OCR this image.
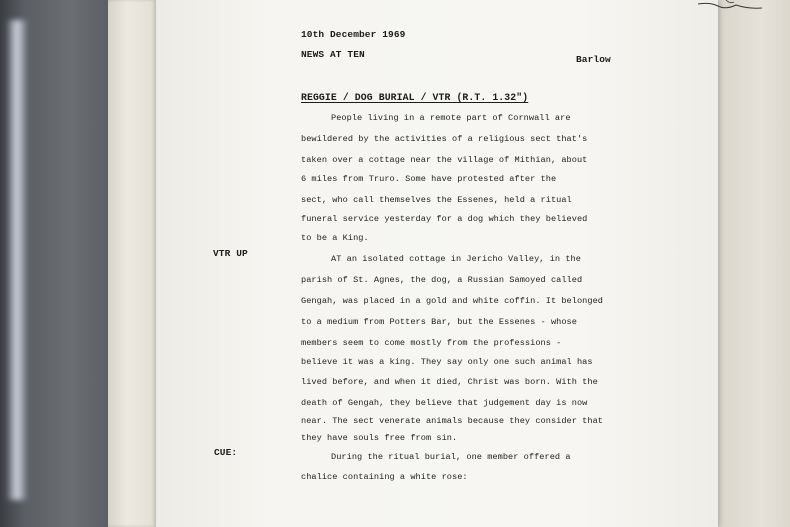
10th December 1969
NEWS AT TEN	Barlow
REGGIE / DOG BURIAL / VTR (R.T. 1.32")
People living in a remote part of Cornwall are
bewildered by the activities of a religious sect that's
taken over a cottage near the village of Mithian, about
6 miles from Truro. Some have protested after the
sect, who call themselves the Essenes, held a ritual
funeral service yesterday for a dog which they believed
to be a King.
VTR UP	AT an isolated cottage in Jericho Valley, in the
parish of St. Agnes, the dog, a Russian Samoyed called
Gengah, was placed in a gold and white coffin. It belonged
to a medium from Potters Bar, but the Essenes - whose
members seem to come mostly from the professions -
believe it was a king. They say only one such animal has
lived before, and when it died, Christ was born. With the
death of Gengah, they believe that judgement day is now
near. The sect venerate animals because they consider that
they have souls free from sin.
CUE:	During the ritual burial, one member offered a
chalice containing a white rose:
